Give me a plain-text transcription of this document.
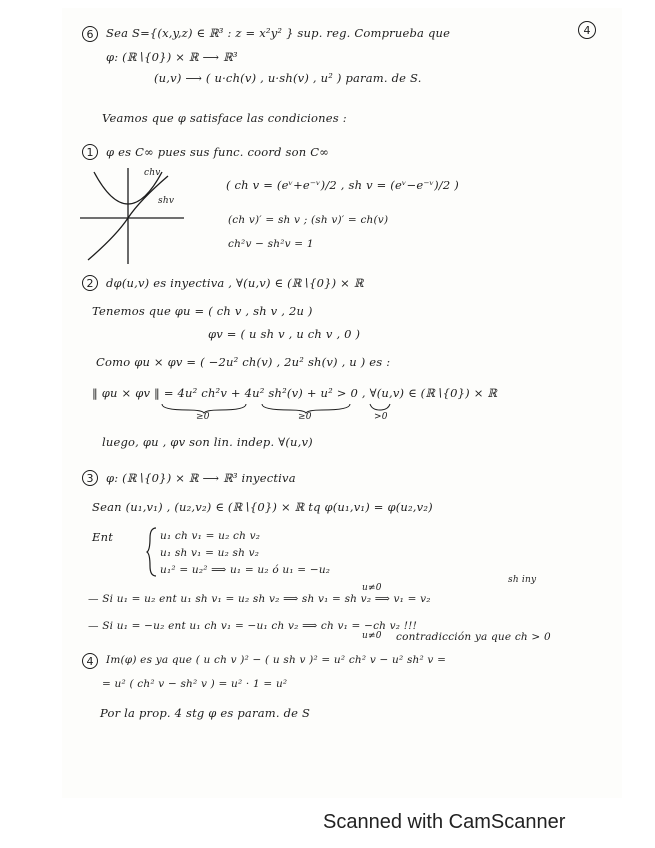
6	Sea S={(x,y,z) ∈ ℝ³ : z = x²y² } sup. reg. Comprueba que	4
φ: (ℝ∖{0}) × ℝ ⟶ ℝ³
(u,v) ⟶ ( u·ch(v) , u·sh(v) , u² ) param. de S.
Veamos que φ satisface las condiciones :
1	φ es C∞ pues sus func. coord son C∞
chv
shv
( ch v = (eᵛ+e⁻ᵛ)/2 , sh v = (eᵛ−e⁻ᵛ)/2 )
(ch v)′ = sh v ; (sh v)′ = ch(v)
ch²v − sh²v = 1
2	dφ(u,v) es inyectiva , ∀(u,v) ∈ (ℝ∖{0}) × ℝ
Tenemos que φu = ( ch v , sh v , 2u )
φv = ( u sh v , u ch v , 0 )
Como φu × φv = ( −2u² ch(v) , 2u² sh(v) , u ) es :
‖ φu × φv ‖ = 4u² ch²v + 4u² sh²(v) + u² > 0 , ∀(u,v) ∈ (ℝ∖{0}) × ℝ
≥0	≥0	>0
luego, φu , φv son lin. indep. ∀(u,v)
3	φ: (ℝ∖{0}) × ℝ ⟶ ℝ³ inyectiva
Sean (u₁,v₁) , (u₂,v₂) ∈ (ℝ∖{0}) × ℝ tq φ(u₁,v₁) = φ(u₂,v₂)
Ent	u₁ ch v₁ = u₂ ch v₂
u₁ sh v₁ = u₂ sh v₂
u₁² = u₂² ⟹ u₁ = u₂ ó u₁ = −u₂
u≠0
sh iny
— Si u₁ = u₂ ent u₁ sh v₁ = u₂ sh v₂ ⟹ sh v₁ = sh v₂ ⟹ v₁ = v₂
— Si u₁ = −u₂ ent u₁ ch v₁ = −u₁ ch v₂ ⟹ ch v₁ = −ch v₂ !!!
u≠0 contradicción ya que ch > 0
4	Im(φ) es ya que ( u ch v )² − ( u sh v )² = u² ch² v − u² sh² v =
= u² ( ch² v − sh² v ) = u² · 1 = u²
Por la prop. 4 stg φ es param. de S
Scanned with CamScanner
